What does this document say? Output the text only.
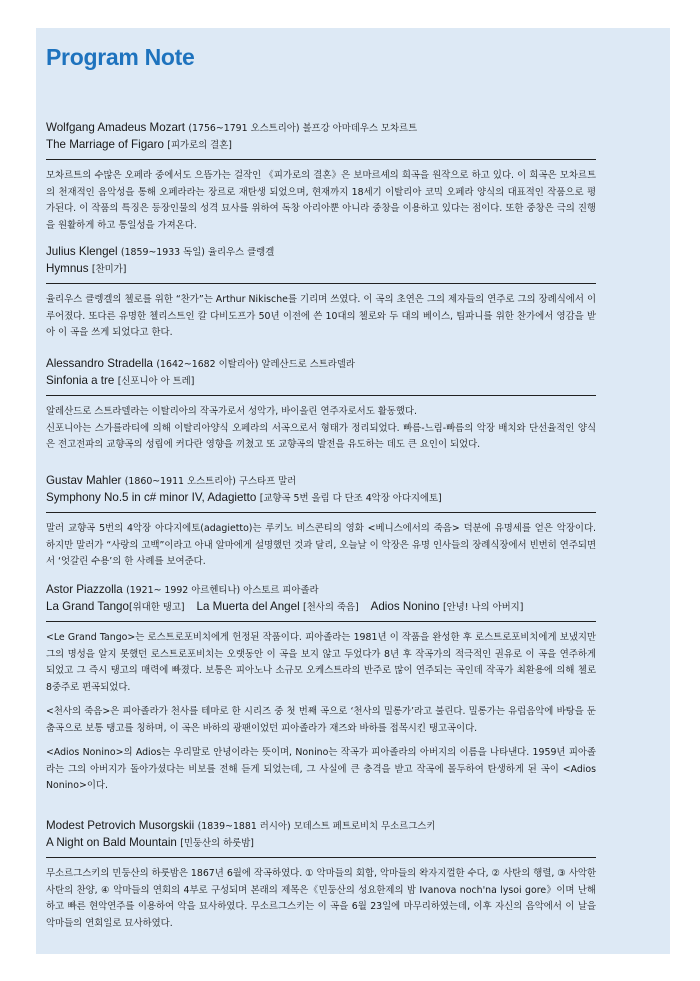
Program Note
Wolfgang Amadeus Mozart (1756~1791 오스트리아) 볼프강 아마데우스 모차르트
The Marriage of Figaro [피가로의 결혼]

모차르트의 수많은 오페라 중에서도 으뜸가는 걸작인 《피가로의 결혼》은 보마르셰의 희곡을 원작으로 하고 있다. 이 희곡은 모차르트의 천재적인 음악성을 통해 오페라라는 장르로 재탄생 되었으며, 현재까지 18세기 이탈리아 코믹 오페라 양식의 대표적인 작품으로 평가된다. 이 작품의 특징은 등장인물의 성격 묘사를 위하여 독창 아리아뿐 아니라 중창을 이용하고 있다는 점이다. 또한 중창은 극의 진행을 원활하게 하고 통일성을 가져온다.

Julius Klengel (1859~1933 독일) 율리우스 클렝겔
Hymnus [찬미가]

율리우스 클렝겔의 첼로를 위한 “찬가”는 Arthur Nikische를 기리며 쓰였다. 이 곡의 초연은 그의 제자들의 연주로 그의 장례식에서 이루어졌다. 또다른 유명한 첼리스트인 칼 다비도프가 50년 이전에 쓴 10대의 첼로와 두 대의 베이스, 팀파니를 위한 찬가에서 영감을 받아 이 곡을 쓰게 되었다고 한다.

Alessandro Stradella (1642~1682 이탈리아) 알레산드로 스트라델라
Sinfonia a tre [신포니아 아 트레]

알레산드로 스트라델라는 이탈리아의 작곡가로서 성악가, 바이올린 연주자로서도 활동했다.
신포니아는 스가를라티에 의해 이탈리아양식 오페라의 서곡으로서 형태가 정리되었다. 빠름-느림-빠름의 악장 배치와 단선율적인 양식은 전고전파의 교향곡의 성립에 커다란 영향을 끼쳤고 또 교향곡의 발전을 유도하는 데도 큰 요인이 되었다.

Gustav Mahler (1860~1911 오스트리아) 구스타프 말러
Symphony No.5 in c# minor IV, Adagietto [교향곡 5번 올림 다 단조 4악장 아다지에토]

말러 교향곡 5번의 4악장 아다지에토(adagietto)는 루키노 비스콘티의 영화 <베니스에서의 죽음> 덕분에 유명세를 얻은 악장이다. 하지만 말러가 “사랑의 고백”이라고 아내 알마에게 설명했던 것과 달리, 오늘날 이 악장은 유명 인사들의 장례식장에서 빈번히 연주되면서 ‘엇갈린 수용’의 한 사례를 보여준다.

Astor Piazzolla (1921~ 1992 아르헨티나) 아스토르 피아졸라
La Grand Tango[위대한 탱고] La Muerta del Angel [천사의 죽음] Adios Nonino [안녕! 나의 아버지]

<Le Grand Tango>는 로스트로포비치에게 헌정된 작품이다. 피아졸라는 1981년 이 작품을 완성한 후 로스트로포비치에게 보냈지만 그의 명성을 알지 못했던 로스트로포비치는 오랫동안 이 곡을 보지 않고 두었다가 8년 후 작곡가의 적극적인 권유로 이 곡을 연주하게 되었고 그 즉시 탱고의 매력에 빠졌다. 보통은 피아노나 소규모 오케스트라의 반주로 많이 연주되는 곡인데 작곡가 최환용에 의해 첼로 8중주로 편곡되었다.

<천사의 죽음>은 피아졸라가 천사를 테마로 한 시리즈 중 첫 번째 곡으로 ‘천사의 밀롱가’라고 불린다. 밀롱가는 유럽음악에 바탕을 둔 춤곡으로 보통 탱고를 칭하며, 이 곡은 바하의 광팬이었던 피아졸라가 재즈와 바하를 접목시킨 탱고곡이다.

<Adios Nonino>의 Adios는 우리말로 안녕이라는 뜻이며, Nonino는 작곡가 피아졸라의 아버지의 이름을 나타낸다. 1959년 피아졸라는 그의 아버지가 돌아가셨다는 비보를 전해 듣게 되었는데, 그 사실에 큰 충격을 받고 작곡에 몰두하여 탄생하게 된 곡이 <Adios Nonino>이다.

Modest Petrovich Musorgskii (1839~1881 러시아) 모데스트 페트로비치 무소르그스키
A Night on Bald Mountain [민둥산의 하룻밤]

무소르그스키의 민둥산의 하룻밤은 1867년 6월에 작곡하였다. ① 악마들의 회합, 악마들의 왁자지껄한 수다, ② 사탄의 행렬, ③ 사악한 사탄의 찬양, ④ 악마들의 연회의 4부로 구성되며 본래의 제목은《민둥산의 성요한제의 밤 Ivanova noch'na lysoi gore》이며 난해하고 빠른 현악연주를 이용하여 악을 묘사하였다. 무소르그스키는 이 곡을 6월 23일에 마무리하였는데, 이후 자신의 음악에서 이 날을 악마들의 연회일로 묘사하였다.
